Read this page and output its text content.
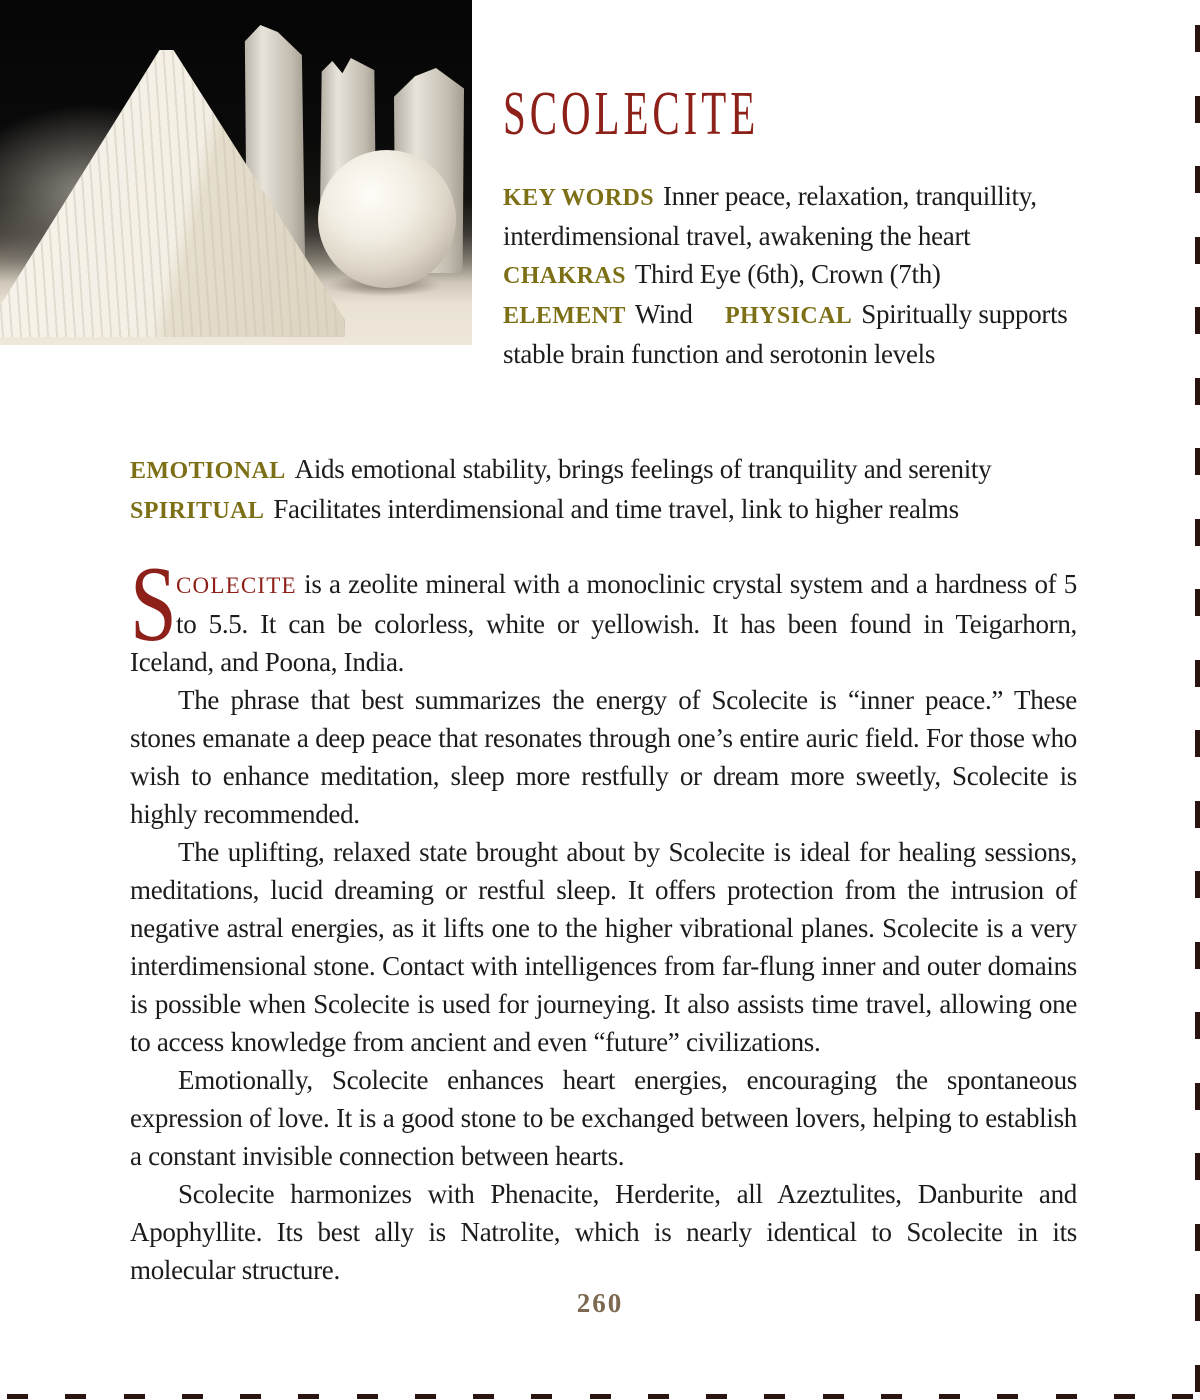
SCOLECITE
KEY WORDS Inner peace, relaxation, tranquillity, interdimensional travel, awakening the heart
CHAKRAS Third Eye (6th), Crown (7th)
ELEMENT Wind PHYSICAL Spiritually supports stable brain function and serotonin levels
EMOTIONAL Aids emotional stability, brings feelings of tranquility and serenity
SPIRITUAL Facilitates interdimensional and time travel, link to higher realms

SCOLECITE is a zeolite mineral with a monoclinic crystal system and a hardness of 5 to 5.5. It can be colorless, white or yellowish. It has been found in Teigarhorn, Iceland, and Poona, India.

The phrase that best summarizes the energy of Scolecite is “inner peace.” These stones emanate a deep peace that resonates through one’s entire auric field. For those who wish to enhance meditation, sleep more restfully or dream more sweetly, Scolecite is highly recommended.

The uplifting, relaxed state brought about by Scolecite is ideal for healing sessions, meditations, lucid dreaming or restful sleep. It offers protection from the intrusion of negative astral energies, as it lifts one to the higher vibrational planes. Scolecite is a very interdimensional stone. Contact with intelligences from far-flung inner and outer domains is possible when Scolecite is used for journeying. It also assists time travel, allowing one to access knowledge from ancient and even “future” civilizations.

Emotionally, Scolecite enhances heart energies, encouraging the spontaneous expression of love. It is a good stone to be exchanged between lovers, helping to establish a constant invisible connection between hearts.

Scolecite harmonizes with Phenacite, Herderite, all Azeztulites, Danburite and Apophyllite. Its best ally is Natrolite, which is nearly identical to Scolecite in its molecular structure.

260
